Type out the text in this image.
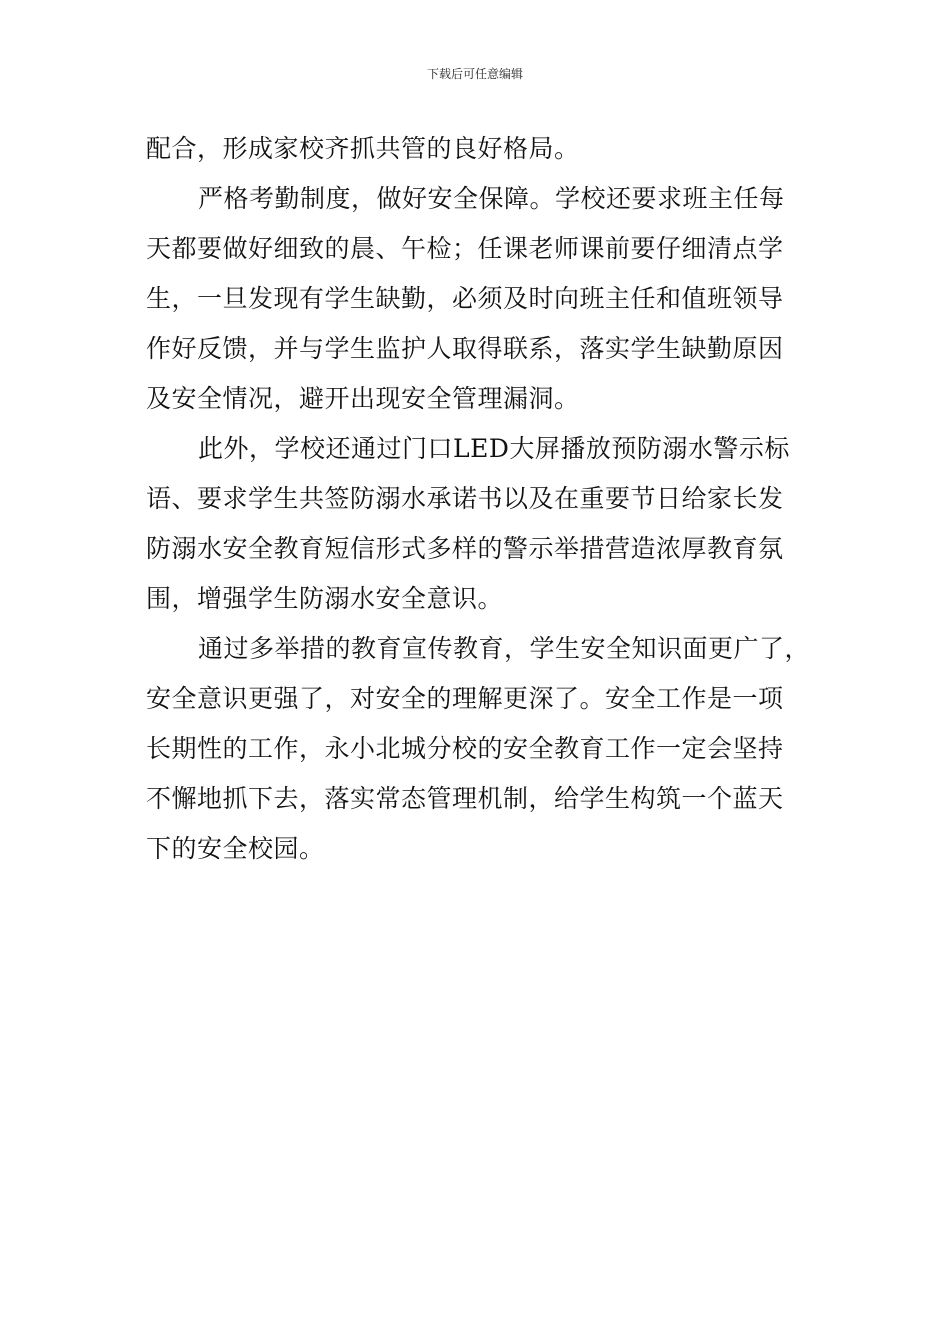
下载后可任意编辑
配合，形成家校齐抓共管的良好格局。
严格考勤制度，做好安全保障。学校还要求班主任每
天都要做好细致的晨、午检；任课老师课前要仔细清点学
生，一旦发现有学生缺勤，必须及时向班主任和值班领导
作好反馈，并与学生监护人取得联系，落实学生缺勤原因
及安全情况，避开出现安全管理漏洞。
此外，学校还通过门口LED大屏播放预防溺水警示标
语、要求学生共签防溺水承诺书以及在重要节日给家长发
防溺水安全教育短信形式多样的警示举措营造浓厚教育氛
围，增强学生防溺水安全意识。
通过多举措的教育宣传教育，学生安全知识面更广了，
安全意识更强了，对安全的理解更深了。安全工作是一项
长期性的工作，永小北城分校的安全教育工作一定会坚持
不懈地抓下去，落实常态管理机制，给学生构筑一个蓝天
下的安全校园。
